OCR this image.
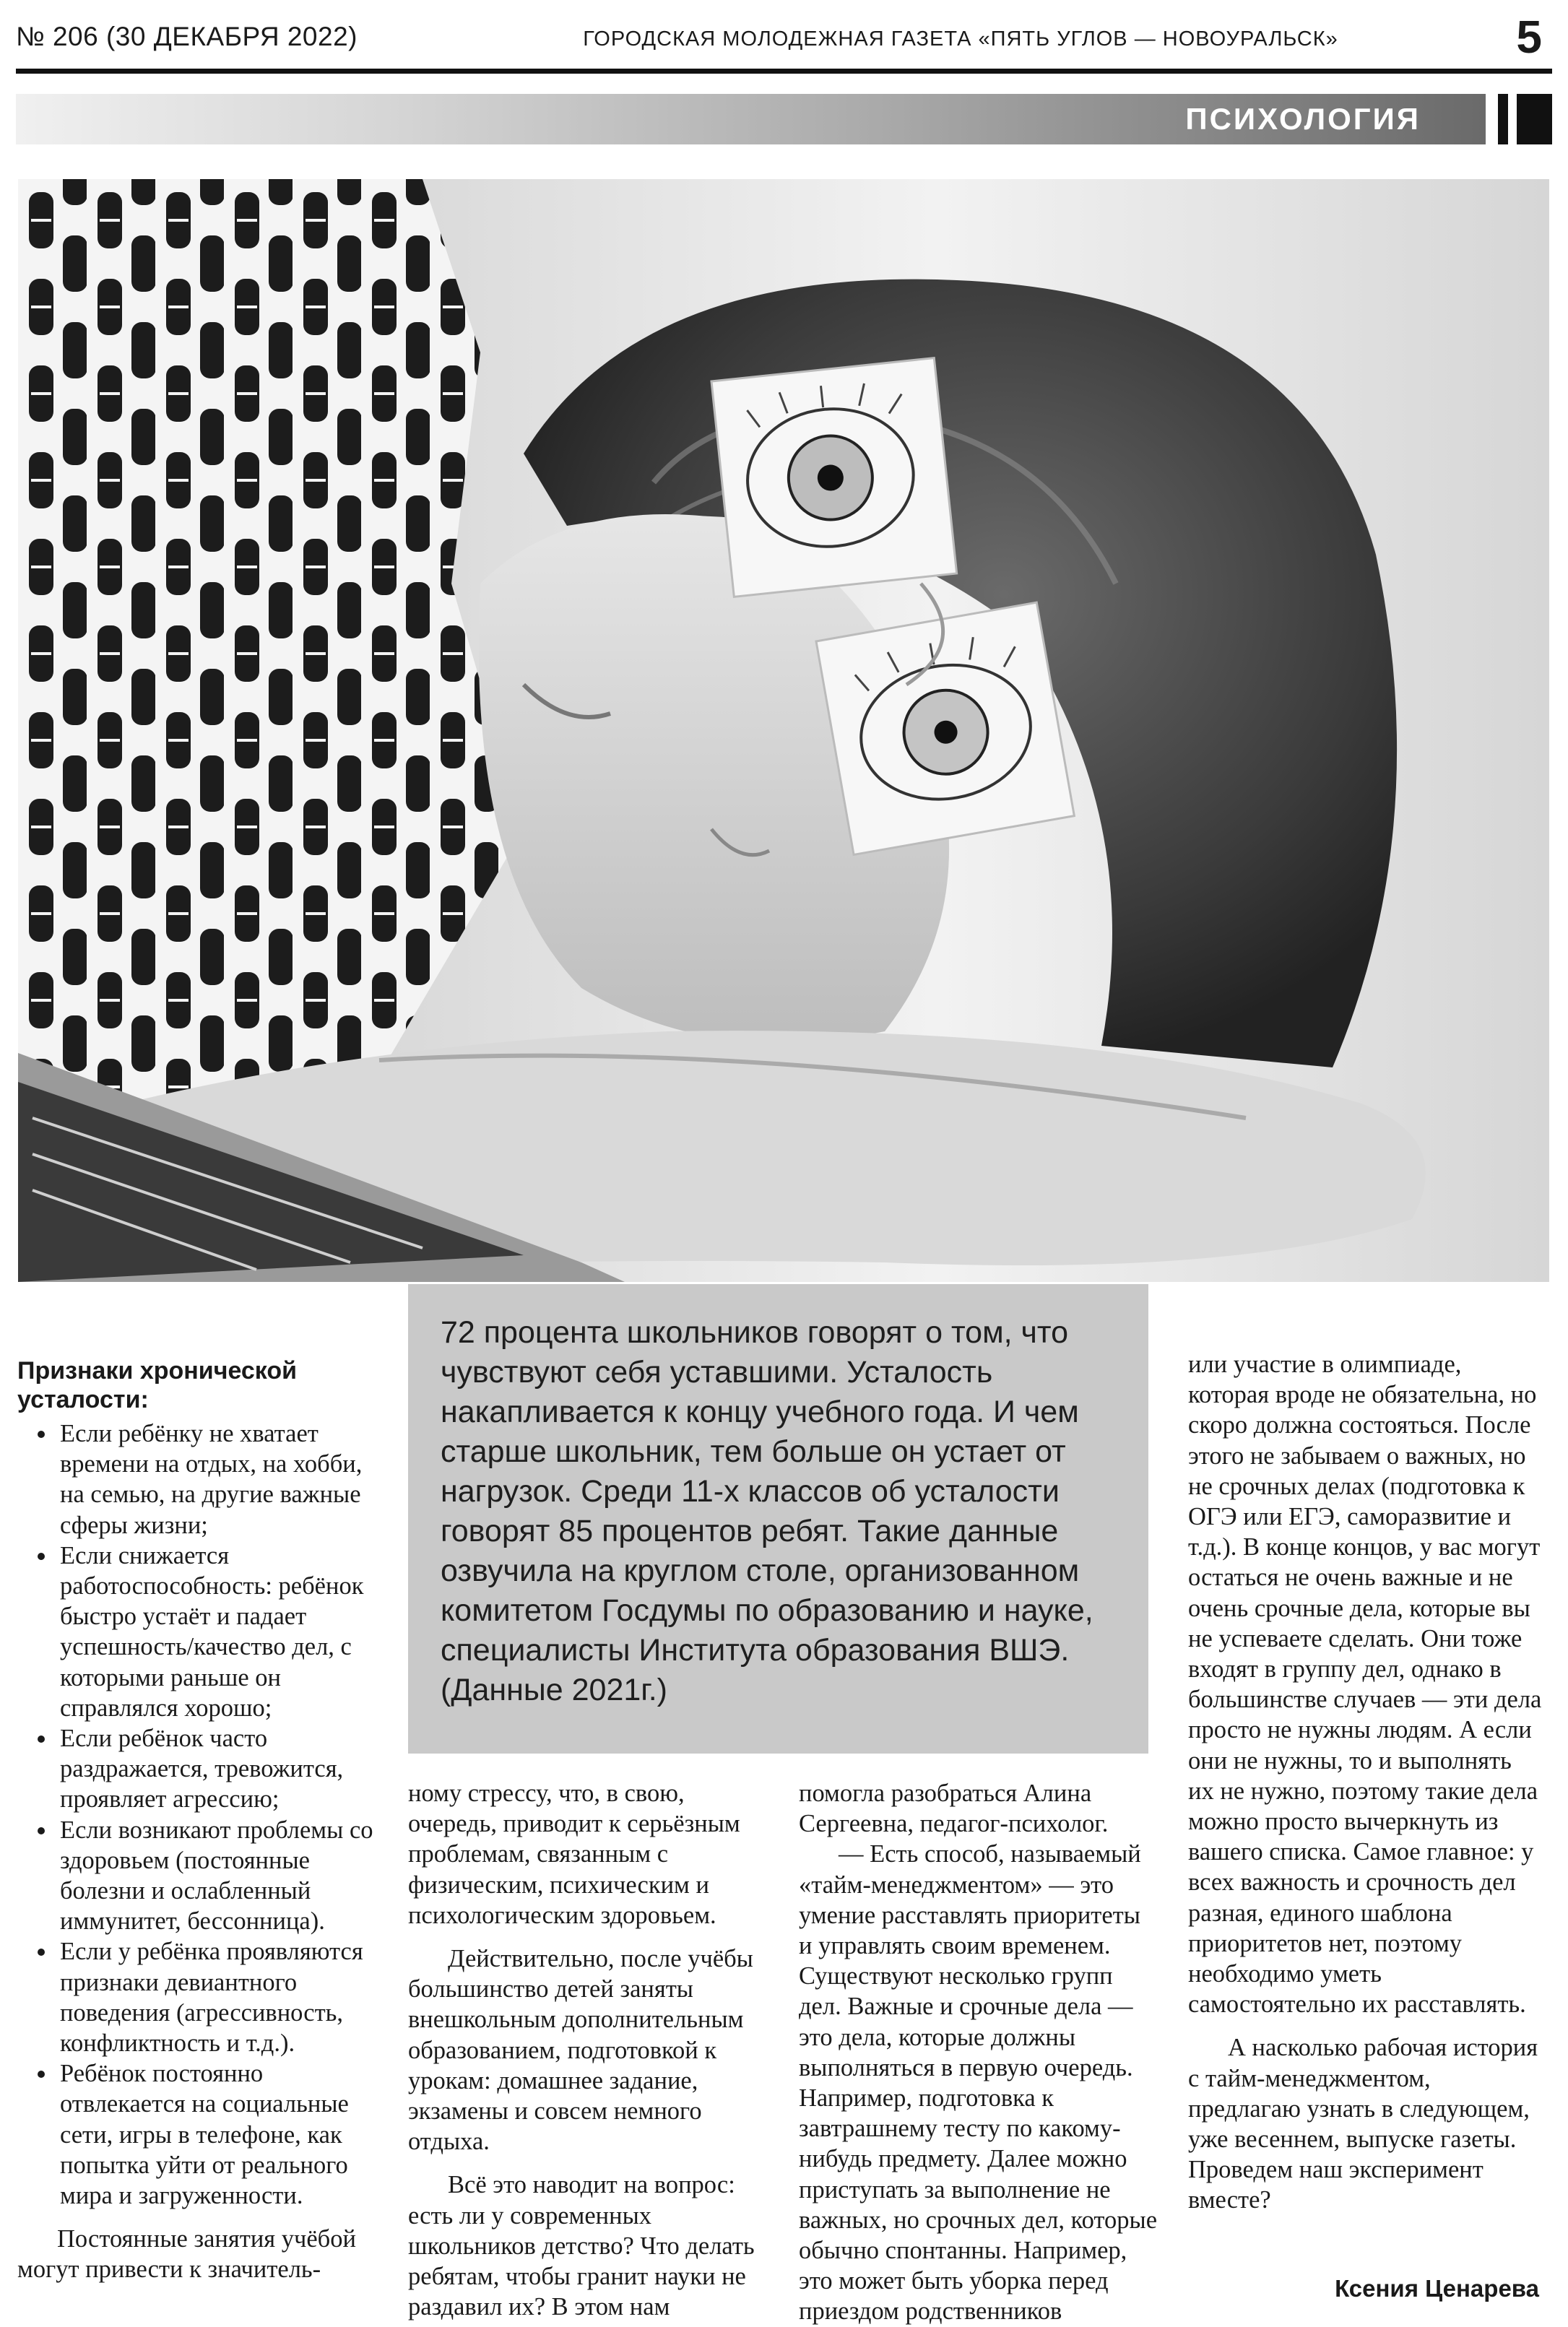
№ 206 (30 ДЕКАБРЯ 2022)	ГОРОДСКАЯ МОЛОДЕЖНАЯ ГАЗЕТА «ПЯТЬ УГЛОВ — НОВОУРАЛЬСК»	5
ПСИХОЛОГИЯ
Признаки хронической усталости:
• Если ребёнку не хватает времени на отдых, на хобби, на семью, на другие важные сферы жизни;
• Если снижается работоспособность: ребёнок быстро устаёт и падает успешность/качество дел, с которыми раньше он справлялся хорошо;
• Если ребёнок часто раздражается, тревожится, проявляет агрессию;
• Если возникают проблемы со здоровьем (постоянные болезни и ослабленный иммунитет, бессонница).
• Если у ребёнка проявляются признаки девиантного поведения (агрессивность, конфликтность и т.д.).
• Ребёнок постоянно отвлекается на социальные сети, игры в телефоне, как попытка уйти от реального мира и загруженности.

Постоянные занятия учёбой могут привести к значитель-

72 процента школьников говорят о том, что чувствуют себя уставшими. Усталость накапливается к концу учебного года. И чем старше школьник, тем больше он устает от нагрузок. Среди 11-х классов об усталости говорят 85 процентов ребят. Такие данные озвучила на круглом столе, организованном комитетом Госдумы по образованию и науке, специалисты Института образования ВШЭ. (Данные 2021г.)

ному стрессу, что, в свою, очередь, приводит к серьёзным проблемам, связанным с физическим, психическим и психологическим здоровьем.

Действительно, после учёбы большинство детей заняты внешкольным дополнительным образованием, подготовкой к урокам: домашнее задание, экзамены и совсем немного отдыха.

Всё это наводит на вопрос: есть ли у современных школьников детство? Что делать ребятам, чтобы гранит науки не раздавил их? В этом нам

помогла разобраться Алина Сергеевна, педагог-психолог.

— Есть способ, называемый «тайм-менеджментом» — это умение расставлять приоритеты и управлять своим временем. Существуют несколько групп дел. Важные и срочные дела — это дела, которые должны выполняться в первую очередь. Например, подготовка к завтрашнему тесту по какому-нибудь предмету. Далее можно приступать за выполнение не важных, но срочных дел, которые обычно спонтанны. Например, это может быть уборка перед приездом родственников

или участие в олимпиаде, которая вроде не обязательна, но скоро должна состояться. После этого не забываем о важных, но не срочных делах (подготовка к ОГЭ или ЕГЭ, саморазвитие и т.д.). В конце концов, у вас могут остаться не очень важные и не очень срочные дела, которые вы не успеваете сделать. Они тоже входят в группу дел, однако в большинстве случаев — эти дела просто не нужны людям. А если они не нужны, то и выполнять их не нужно, поэтому такие дела можно просто вычеркнуть из вашего списка. Самое главное: у всех важность и срочность дел разная, единого шаблона приоритетов нет, поэтому необходимо уметь самостоятельно их расставлять.

А насколько рабочая история с тайм-менеджментом, предлагаю узнать в следующем, уже весеннем, выпуске газеты. Проведем наш эксперимент вместе?

Ксения Ценарева
